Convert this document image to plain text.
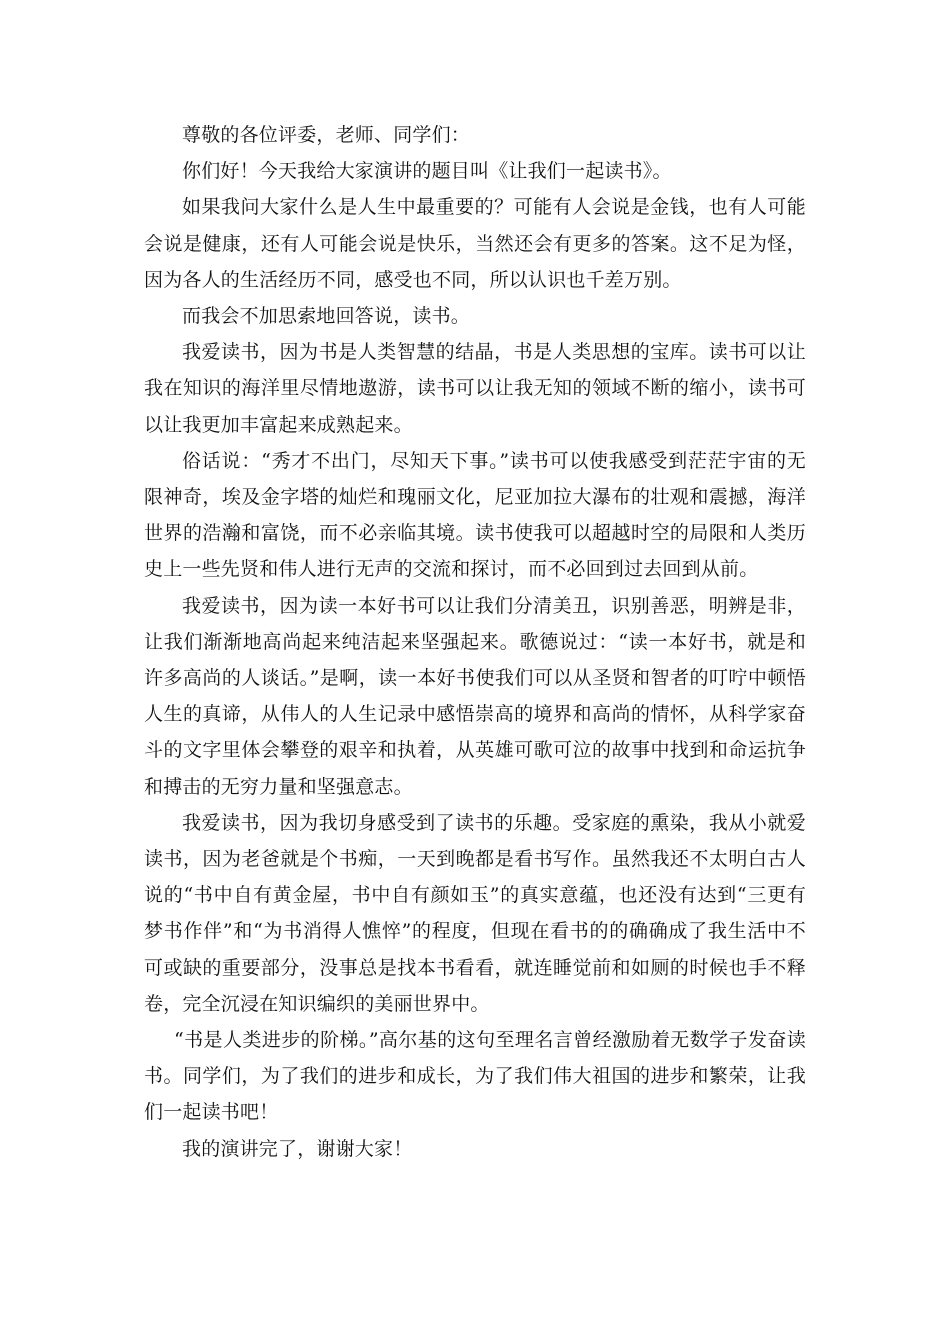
尊敬的各位评委，老师、同学们：

你们好！今天我给大家演讲的题目叫《让我们一起读书》。

如果我问大家什么是人生中最重要的？可能有人会说是金钱，也有人可能会说是健康，还有人可能会说是快乐，当然还会有更多的答案。这不足为怪，因为各人的生活经历不同，感受也不同，所以认识也千差万别。

而我会不加思索地回答说，读书。

我爱读书，因为书是人类智慧的结晶，书是人类思想的宝库。读书可以让我在知识的海洋里尽情地遨游，读书可以让我无知的领域不断的缩小，读书可以让我更加丰富起来成熟起来。

俗话说：“秀才不出门，尽知天下事。”读书可以使我感受到茫茫宇宙的无限神奇，埃及金字塔的灿烂和瑰丽文化，尼亚加拉大瀑布的壮观和震撼，海洋世界的浩瀚和富饶，而不必亲临其境。读书使我可以超越时空的局限和人类历史上一些先贤和伟人进行无声的交流和探讨，而不必回到过去回到从前。

我爱读书，因为读一本好书可以让我们分清美丑，识别善恶，明辨是非，让我们渐渐地高尚起来纯洁起来坚强起来。歌德说过：“读一本好书，就是和许多高尚的人谈话。”是啊，读一本好书使我们可以从圣贤和智者的叮咛中顿悟人生的真谛，从伟人的人生记录中感悟崇高的境界和高尚的情怀，从科学家奋斗的文字里体会攀登的艰辛和执着，从英雄可歌可泣的故事中找到和命运抗争和搏击的无穷力量和坚强意志。

我爱读书，因为我切身感受到了读书的乐趣。受家庭的熏染，我从小就爱读书，因为老爸就是个书痴，一天到晚都是看书写作。虽然我还不太明白古人说的“书中自有黄金屋，书中自有颜如玉”的真实意蕴，也还没有达到“三更有梦书作伴”和“为书消得人憔悴”的程度，但现在看书的的确确成了我生活中不可或缺的重要部分，没事总是找本书看看，就连睡觉前和如厕的时候也手不释卷，完全沉浸在知识编织的美丽世界中。

“书是人类进步的阶梯。”高尔基的这句至理名言曾经激励着无数学子发奋读书。同学们，为了我们的进步和成长，为了我们伟大祖国的进步和繁荣，让我们一起读书吧！

我的演讲完了，谢谢大家！
